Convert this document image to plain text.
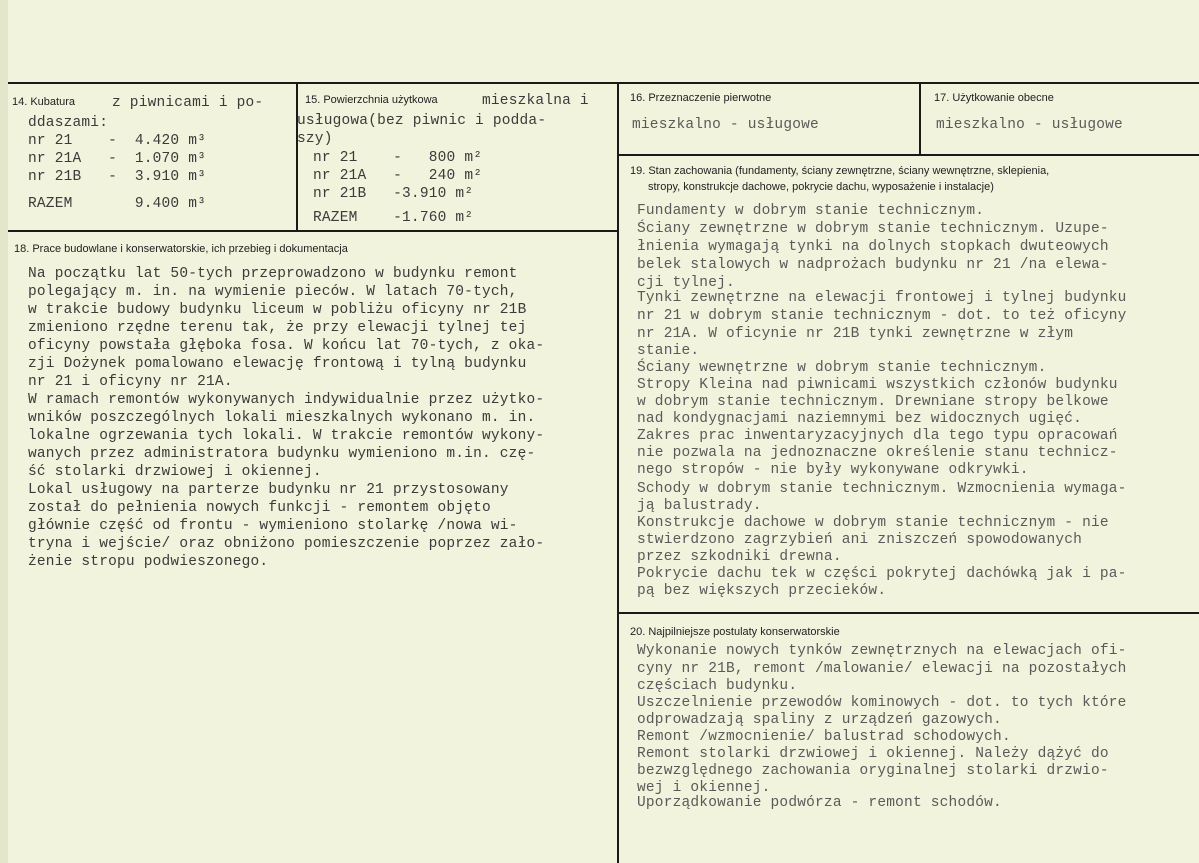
14. Kubatura	z piwnicami i po-
ddaszami:
nr 21    -  4.420 m³
nr 21A   -  1.070 m³
nr 21B   -  3.910 m³
RAZEM       9.400 m³
15. Powierzchnia użytkowa	mieszkalna i
usługowa(bez piwnic i poddа-
szy)
nr 21    -   800 m²
nr 21A   -   240 m²
nr 21B   -3.910 m²
RAZEM    -1.760 m²
16. Przeznaczenie pierwotne
mieszkalno - usługowe
17. Użytkowanie obecne
mieszkalno - usługowe
18. Prace budowlane i konserwatorskie, ich przebieg i dokumentacja
Na początku lat 50-tych przeprowadzono w budynku remont
polegający m. in. na wymienie pieców. W latach 70-tych,
w trakcie budowy budynku liceum w pobliżu oficyny nr 21B
zmieniono rzędne terenu tak, że przy elewacji tylnej tej
oficyny powstała głęboka fosa. W końcu lat 70-tych, z oka-
zji Dożynek pomalowano elewację frontową i tylną budynku
nr 21 i oficyny nr 21A.
W ramach remontów wykonywanych indywidualnie przez użytko-
wników poszczególnych lokali mieszkalnych wykonano m. in.
lokalne ogrzewania tych lokali. W trakcie remontów wykony-
wanych przez administratora budynku wymieniono m.in. czę-
ść stolarki drzwiowej i okiennej.
Lokal usługowy na parterze budynku nr 21 przystosowany
został do pełnienia nowych funkcji - remontem objęto
głównie część od frontu - wymieniono stolarkę /nowa wi-
tryna i wejście/ oraz obniżono pomieszczenie poprzez zało-
żenie stropu podwieszonego.
19. Stan zachowania (fundamenty, ściany zewnętrzne, ściany wewnętrzne, sklepienia,
stropy, konstrukcje dachowe, pokrycie dachu, wyposażenie i instalacje)
Fundamenty w dobrym stanie technicznym.
Ściany zewnętrzne w dobrym stanie technicznym. Uzupe-
łnienia wymagają tynki na dolnych stopkach dwuteowych
belek stalowych w nadprożach budynku nr 21 /na elewa-
cji tylnej.
Tynki zewnętrzne na elewacji frontowej i tylnej budynku
nr 21 w dobrym stanie technicznym - dot. to też oficyny
nr 21A. W oficynie nr 21B tynki zewnętrzne w złym
stanie.
Ściany wewnętrzne w dobrym stanie technicznym.
Stropy Kleina nad piwnicami wszystkich członów budynku
w dobrym stanie technicznym. Drewniane stropy belkowe
nad kondygnacjami naziemnymi bez widocznych ugięć.
Zakres prac inwentaryzacyjnych dla tego typu opracowań
nie pozwala na jednoznaczne określenie stanu technicz-
nego stropów - nie były wykonywane odkrywki.
Schody w dobrym stanie technicznym. Wzmocnienia wymaga-
ją balustrady.
Konstrukcje dachowe w dobrym stanie technicznym - nie
stwierdzono zagrzybień ani zniszczeń spowodowanych
przez szkodniki drewna.
Pokrycie dachu tek w części pokrytej dachówką jak i pa-
pą bez większych przecieków.
20. Najpilniejsze postulaty konserwatorskie
Wykonanie nowych tynków zewnętrznych na elewacjach ofi-
cyny nr 21B, remont /malowanie/ elewacji na pozostałych
częściach budynku.
Uszczelnienie przewodów kominowych - dot. to tych które
odprowadzają spaliny z urządzeń gazowych.
Remont /wzmocnienie/ balustrad schodowych.
Remont stolarki drzwiowej i okiennej. Należy dążyć do
bezwzględnego zachowania oryginalnej stolarki drzwio-
wej i okiennej.
Uporządkowanie podwórza - remont schodów.
